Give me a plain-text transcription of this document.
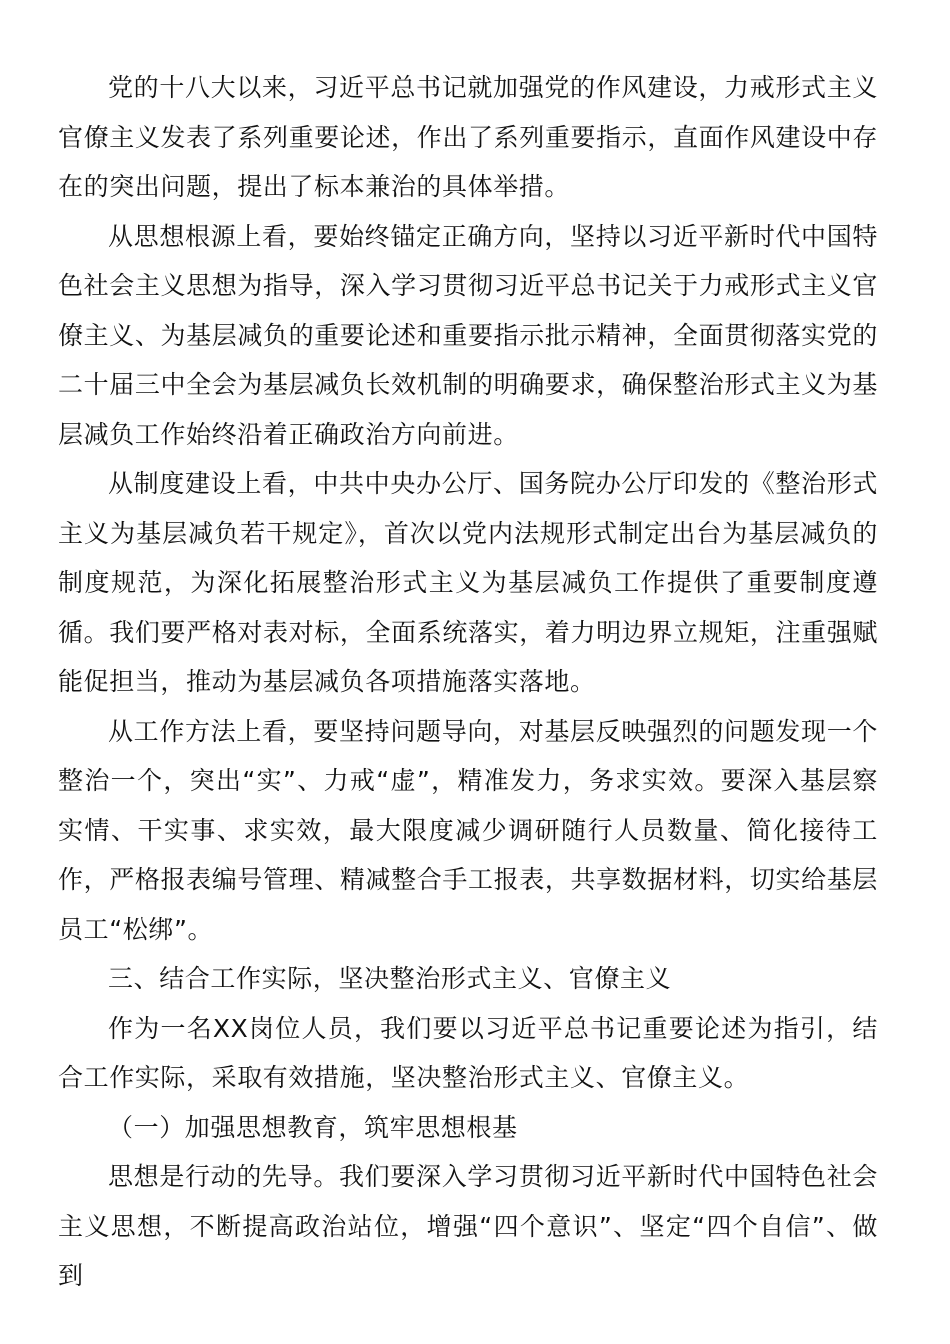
党的十八大以来，习近平总书记就加强党的作风建设，力戒形式主义官僚主义发表了系列重要论述，作出了系列重要指示，直面作风建设中存在的突出问题，提出了标本兼治的具体举措。

从思想根源上看，要始终锚定正确方向，坚持以习近平新时代中国特色社会主义思想为指导，深入学习贯彻习近平总书记关于力戒形式主义官僚主义、为基层减负的重要论述和重要指示批示精神，全面贯彻落实党的二十届三中全会为基层减负长效机制的明确要求，确保整治形式主义为基层减负工作始终沿着正确政治方向前进。

从制度建设上看，中共中央办公厅、国务院办公厅印发的《整治形式主义为基层减负若干规定》，首次以党内法规形式制定出台为基层减负的制度规范，为深化拓展整治形式主义为基层减负工作提供了重要制度遵循。我们要严格对表对标，全面系统落实，着力明边界立规矩，注重强赋能促担当，推动为基层减负各项措施落实落地。

从工作方法上看，要坚持问题导向，对基层反映强烈的问题发现一个整治一个，突出“实”、力戒“虚”，精准发力，务求实效。要深入基层察实情、干实事、求实效，最大限度减少调研随行人员数量、简化接待工作，严格报表编号管理、精减整合手工报表，共享数据材料，切实给基层员工“松绑”。

三、结合工作实际，坚决整治形式主义、官僚主义

作为一名XX岗位人员，我们要以习近平总书记重要论述为指引，结合工作实际，采取有效措施，坚决整治形式主义、官僚主义。

（一）加强思想教育，筑牢思想根基

思想是行动的先导。我们要深入学习贯彻习近平新时代中国特色社会主义思想，不断提高政治站位，增强“四个意识”、坚定“四个自信”、做到
